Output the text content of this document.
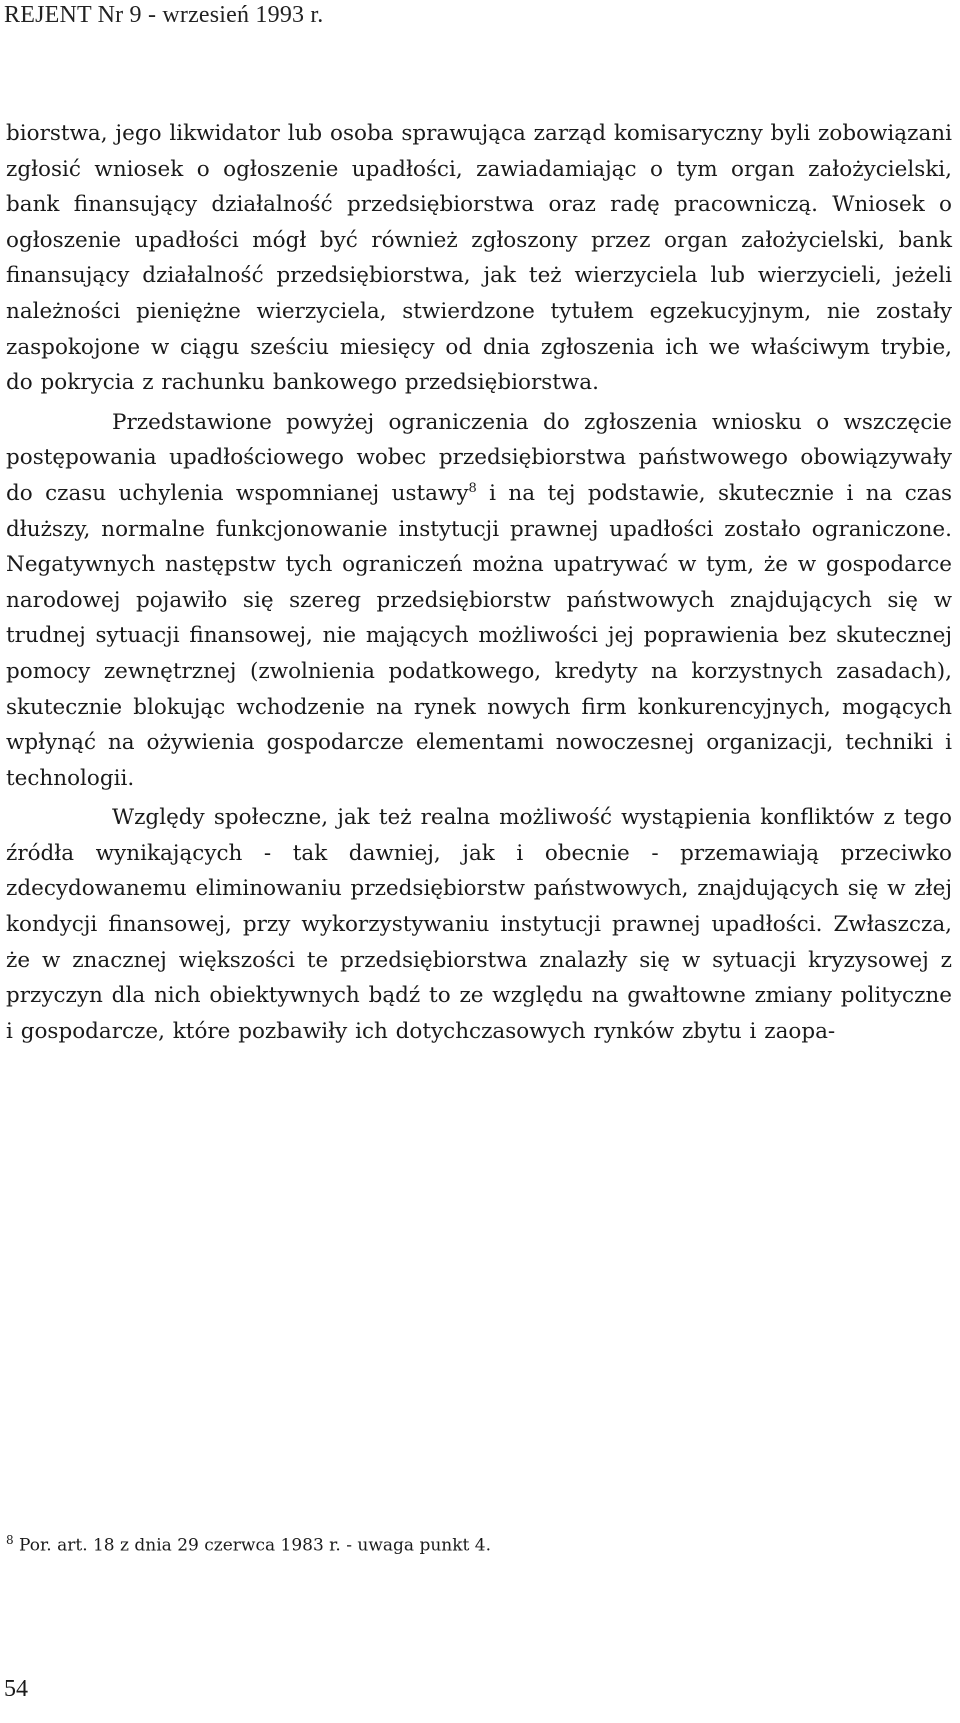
REJENT Nr 9 - wrzesień 1993 r.

biorstwa, jego likwidator lub osoba sprawująca zarząd komisaryczny byli zobowiązani zgłosić wniosek o ogłoszenie upadłości, zawiadamiając o tym organ założycielski, bank finansujący działalność przedsiębiorstwa oraz radę pracowniczą. Wniosek o ogłoszenie upadłości mógł być również zgłoszony przez organ założycielski, bank finansujący działalność przedsiębiorstwa, jak też wierzyciela lub wierzycieli, jeżeli należności pieniężne wierzyciela, stwierdzone tytułem egzekucyjnym, nie zostały zaspokojone w ciągu sześciu miesięcy od dnia zgłoszenia ich we właściwym trybie, do pokrycia z rachunku bankowego przedsiębiorstwa.

Przedstawione powyżej ograniczenia do zgłoszenia wniosku o wszczęcie postępowania upadłościowego wobec przedsiębiorstwa państwowego obowiązywały do czasu uchylenia wspomnianej ustawy$^8$ i na tej podstawie, skutecznie i na czas dłuższy, normalne funkcjonowanie instytucji prawnej upadłości zostało ograniczone. Negatywnych następstw tych ograniczeń można upatrywać w tym, że w gospodarce narodowej pojawiło się szereg przedsiębiorstw państwowych znajdujących się w trudnej sytuacji finansowej, nie mających możliwości jej poprawienia bez skutecznej pomocy zewnętrznej (zwolnienia podatkowego, kredyty na korzystnych zasadach), skutecznie blokując wchodzenie na rynek nowych firm konkurencyjnych, mogących wpłynąć na ożywienia gospodarcze elementami nowoczesnej organizacji, techniki i technologii.

Względy społeczne, jak też realna możliwość wystąpienia konfliktów z tego źródła wynikających - tak dawniej, jak i obecnie - przemawiają przeciwko zdecydowanemu eliminowaniu przedsiębiorstw państwowych, znajdujących się w złej kondycji finansowej, przy wykorzystywaniu instytucji prawnej upadłości. Zwłaszcza, że w znacznej większości te przedsiębiorstwa znalazły się w sytuacji kryzysowej z przyczyn dla nich obiektywnych bądź to ze względu na gwałtowne zmiany polityczne i gospodarcze, które pozbawiły ich dotychczasowych rynków zbytu i zaopa-

$^8$ Por. art. 18 z dnia 29 czerwca 1983 r. - uwaga punkt 4.
54
